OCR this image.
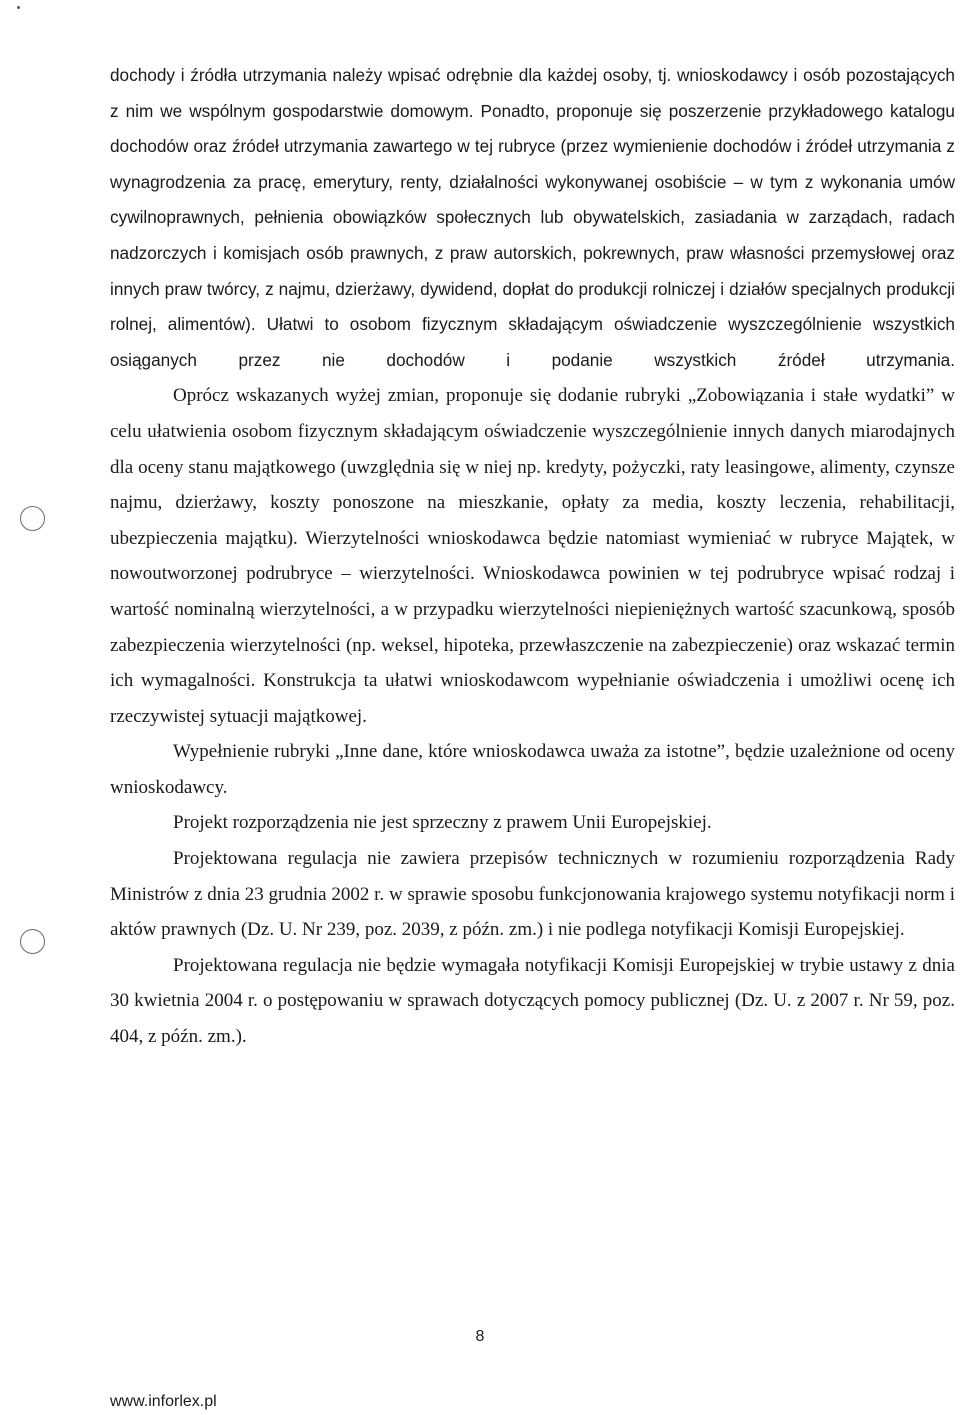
dochody i źródła utrzymania należy wpisać odrębnie dla każdej osoby, tj. wnioskodawcy i osób pozostających z nim we wspólnym gospodarstwie domowym. Ponadto, proponuje się poszerzenie przykładowego katalogu dochodów oraz źródeł utrzymania zawartego w tej rubryce (przez wymienienie dochodów i źródeł utrzymania z wynagrodzenia za pracę, emerytury, renty, działalności wykonywanej osobiście – w tym z wykonania umów cywilnoprawnych, pełnienia obowiązków społecznych lub obywatelskich, zasiadania w zarządach, radach nadzorczych i komisjach osób prawnych, z praw autorskich, pokrewnych, praw własności przemysłowej oraz innych praw twórcy, z najmu, dzierżawy, dywidend, dopłat do produkcji rolniczej i działów specjalnych produkcji rolnej, alimentów). Ułatwi to osobom fizycznym składającym oświadczenie wyszczególnienie wszystkich osiąganych przez nie dochodów i podanie wszystkich źródeł utrzymania.

Oprócz wskazanych wyżej zmian, proponuje się dodanie rubryki „Zobowiązania i stałe wydatki” w celu ułatwienia osobom fizycznym składającym oświadczenie wyszczególnienie innych danych miarodajnych dla oceny stanu majątkowego (uwzględnia się w niej np. kredyty, pożyczki, raty leasingowe, alimenty, czynsze najmu, dzierżawy, koszty ponoszone na mieszkanie, opłaty za media, koszty leczenia, rehabilitacji, ubezpieczenia majątku). Wierzytelności wnioskodawca będzie natomiast wymieniać w rubryce Majątek, w nowoutworzonej podrubryce – wierzytelności. Wnioskodawca powinien w tej podrubryce wpisać rodzaj i wartość nominalną wierzytelności, a w przypadku wierzytelności niepieniężnych wartość szacunkową, sposób zabezpieczenia wierzytelności (np. weksel, hipoteka, przewłaszczenie na zabezpieczenie) oraz wskazać termin ich wymagalności. Konstrukcja ta ułatwi wnioskodawcom wypełnianie oświadczenia i umożliwi ocenę ich rzeczywistej sytuacji majątkowej.

Wypełnienie rubryki „Inne dane, które wnioskodawca uważa za istotne”, będzie uzależnione od oceny wnioskodawcy.

Projekt rozporządzenia nie jest sprzeczny z prawem Unii Europejskiej.

Projektowana regulacja nie zawiera przepisów technicznych w rozumieniu rozporządzenia Rady Ministrów z dnia 23 grudnia 2002 r. w sprawie sposobu funkcjonowania krajowego systemu notyfikacji norm i aktów prawnych (Dz. U. Nr 239, poz. 2039, z późn. zm.) i nie podlega notyfikacji Komisji Europejskiej.

Projektowana regulacja nie będzie wymagała notyfikacji Komisji Europejskiej w trybie ustawy z dnia 30 kwietnia 2004 r. o postępowaniu w sprawach dotyczących pomocy publicznej (Dz. U. z 2007 r. Nr 59, poz. 404, z późn. zm.).

8
www.inforlex.pl
